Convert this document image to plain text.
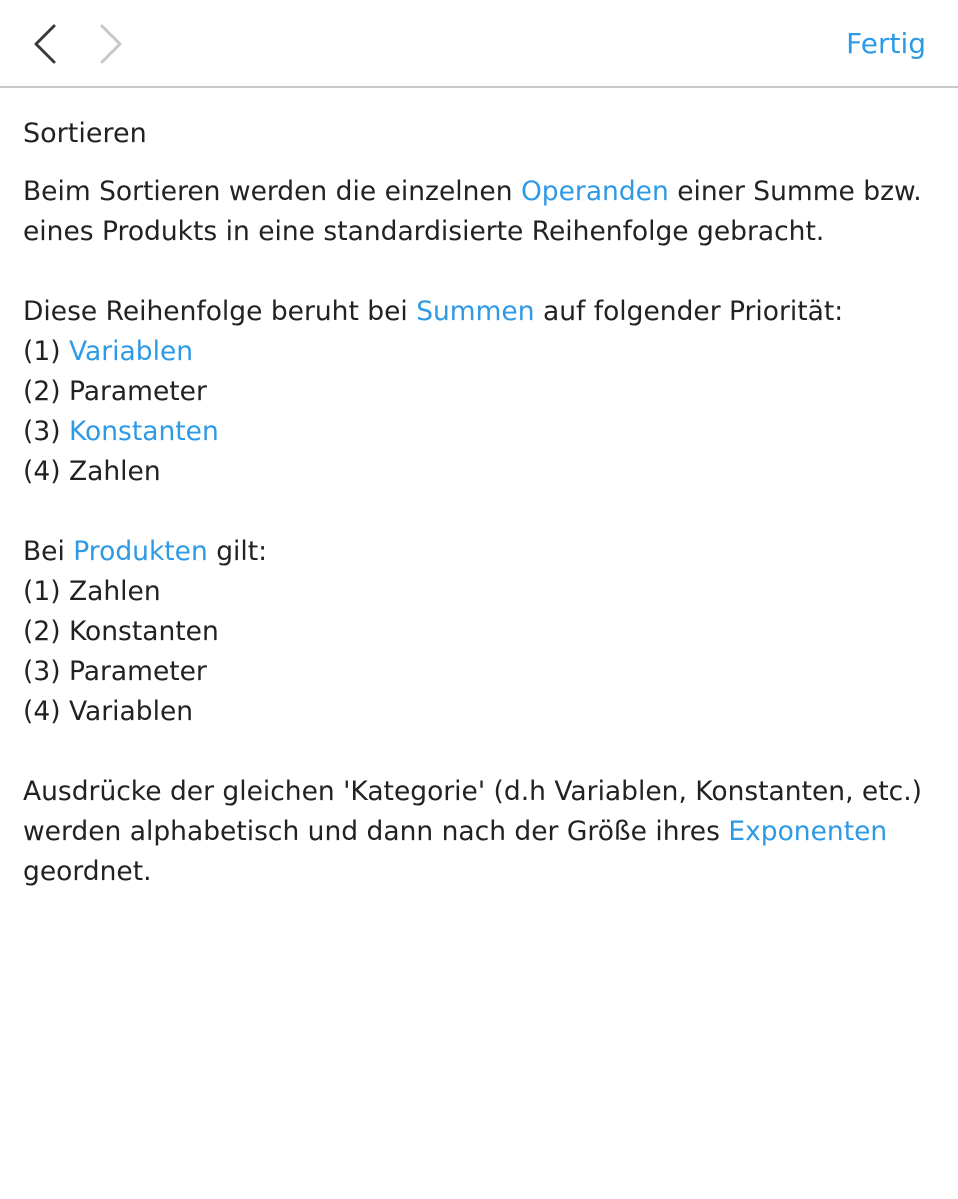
Fertig
Sortieren

Beim Sortieren werden die einzelnen Operanden einer Summe bzw. eines Produkts in eine standardisierte Reihenfolge gebracht.

Diese Reihenfolge beruht bei Summen auf folgender Priorität:

(1) Variablen

(2) Parameter

(3) Konstanten

(4) Zahlen

Bei Produkten gilt:

(1) Zahlen

(2) Konstanten

(3) Parameter

(4) Variablen

Ausdrücke der gleichen 'Kategorie' (d.h Variablen, Konstanten, etc.) werden alphabetisch und dann nach der Größe ihres Exponenten geordnet.
